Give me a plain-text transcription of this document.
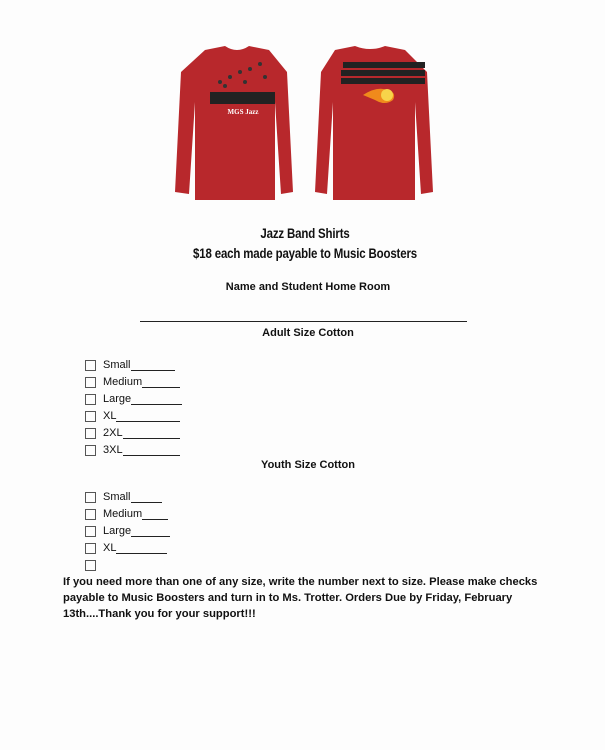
MGS Jazz
Jazz Band Shirts
$18 each made payable to Music Boosters
Name and Student Home Room
Adult Size Cotton
Small
Medium
Large
XL
2XL
3XL
Youth Size Cotton
Small
Medium
Large
XL
If you need more than one of any size, write the number next to size. Please make checks payable to Music Boosters and turn in to Ms. Trotter. Orders Due by Friday, February 13th....Thank you for your support!!!
